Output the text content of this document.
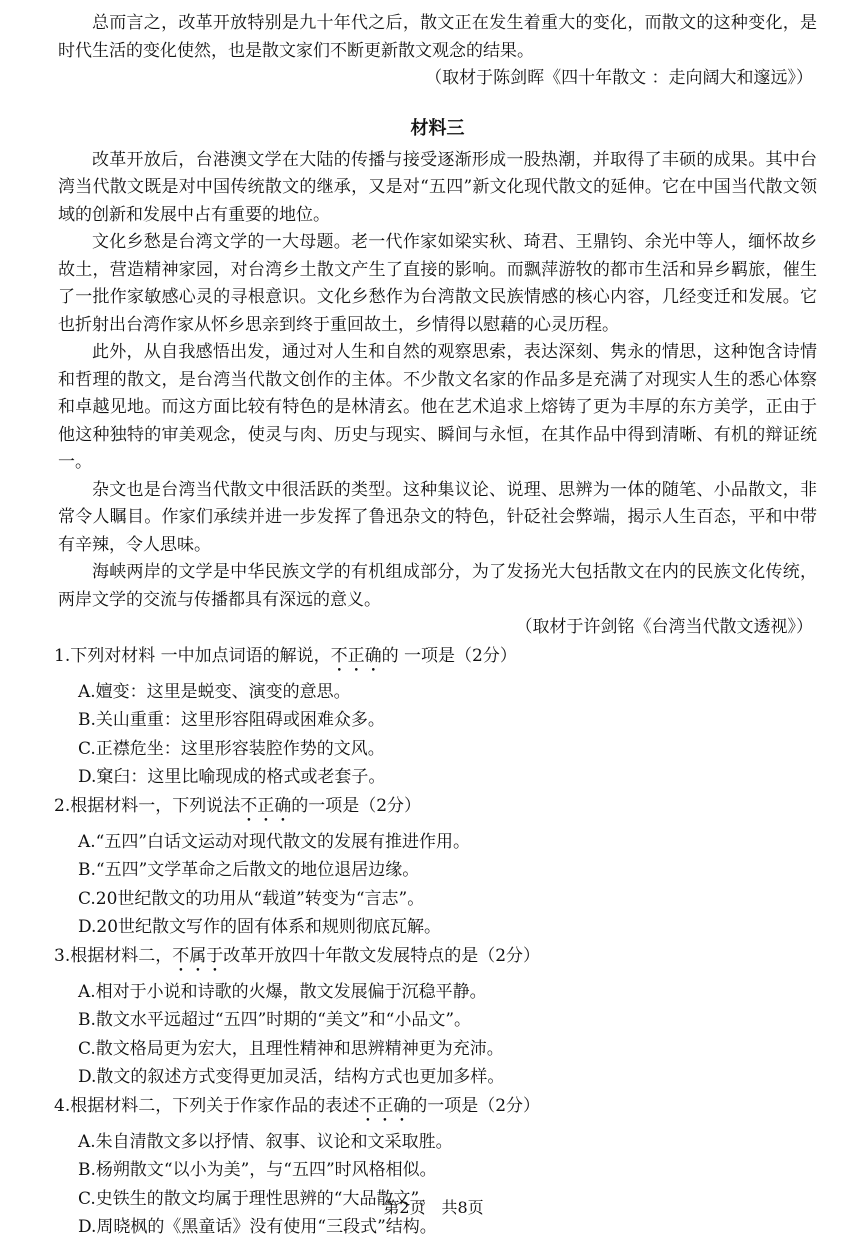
总而言之，改革开放特别是九十年代之后，散文正在发生着重大的变化，而散文的这种变化，是时代生活的变化使然，也是散文家们不断更新散文观念的结果。

（取材于陈剑晖《四十年散文 ：走向阔大和邃远》）

材料三

改革开放后，台港澳文学在大陆的传播与接受逐渐形成一股热潮，并取得了丰硕的成果。其中台湾当代散文既是对中国传统散文的继承，又是对“五四”新文化现代散文的延伸。它在中国当代散文领域的创新和发展中占有重要的地位。

文化乡愁是台湾文学的一大母题。老一代作家如梁实秋、琦君、王鼎钧、余光中等人，缅怀故乡故土，营造精神家园，对台湾乡土散文产生了直接的影响。而飘萍游牧的都市生活和异乡羁旅，催生了一批作家敏感心灵的寻根意识。文化乡愁作为台湾散文民族情感的核心内容，几经变迁和发展。它也折射出台湾作家从怀乡思亲到终于重回故土，乡情得以慰藉的心灵历程。

此外，从自我感悟出发，通过对人生和自然的观察思索，表达深刻、隽永的情思，这种饱含诗情和哲理的散文，是台湾当代散文创作的主体。不少散文名家的作品多是充满了对现实人生的悉心体察和卓越见地。而这方面比较有特色的是林清玄。他在艺术追求上熔铸了更为丰厚的东方美学，正由于他这种独特的审美观念，使灵与肉、历史与现实、瞬间与永恒，在其作品中得到清晰、有机的辩证统一。

杂文也是台湾当代散文中很活跃的类型。这种集议论、说理、思辨为一体的随笔、小品散文，非常令人瞩目。作家们承续并进一步发挥了鲁迅杂文的特色，针砭社会弊端，揭示人生百态，平和中带有辛辣，令人思味。

海峡两岸的文学是中华民族文学的有机组成部分，为了发扬光大包括散文在内的民族文化传统，两岸文学的交流与传播都具有深远的意义。

（取材于许剑铭《台湾当代散文透视》）

1.下列对材料 一中加点词语的解说，不正确的 一项是（2分）
A.嬗变：这里是蜕变、演变的意思。
B.关山重重：这里形容阻碍或困难众多。
C.正襟危坐：这里形容装腔作势的文风。
D.窠臼：这里比喻现成的格式或老套子。
2.根据材料一，下列说法不正确的一项是（2分）
A.“五四”白话文运动对现代散文的发展有推进作用。
B.“五四”文学革命之后散文的地位退居边缘。
C.20世纪散文的功用从“载道”转变为“言志”。
D.20世纪散文写作的固有体系和规则彻底瓦解。
3.根据材料二，不属于改革开放四十年散文发展特点的是（2分）
A.相对于小说和诗歌的火爆，散文发展偏于沉稳平静。
B.散文水平远超过“五四”时期的“美文”和“小品文”。
C.散文格局更为宏大，且理性精神和思辨精神更为充沛。
D.散文的叙述方式变得更加灵活，结构方式也更加多样。
4.根据材料二，下列关于作家作品的表述不正确的一项是（2分）
A.朱自清散文多以抒情、叙事、议论和文采取胜。
B.杨朔散文“以小为美”，与“五四”时风格相似。
C.史铁生的散文均属于理性思辨的“大品散文”。
D.周晓枫的《黑童话》没有使用“三段式”结构。
第2页　共8页
